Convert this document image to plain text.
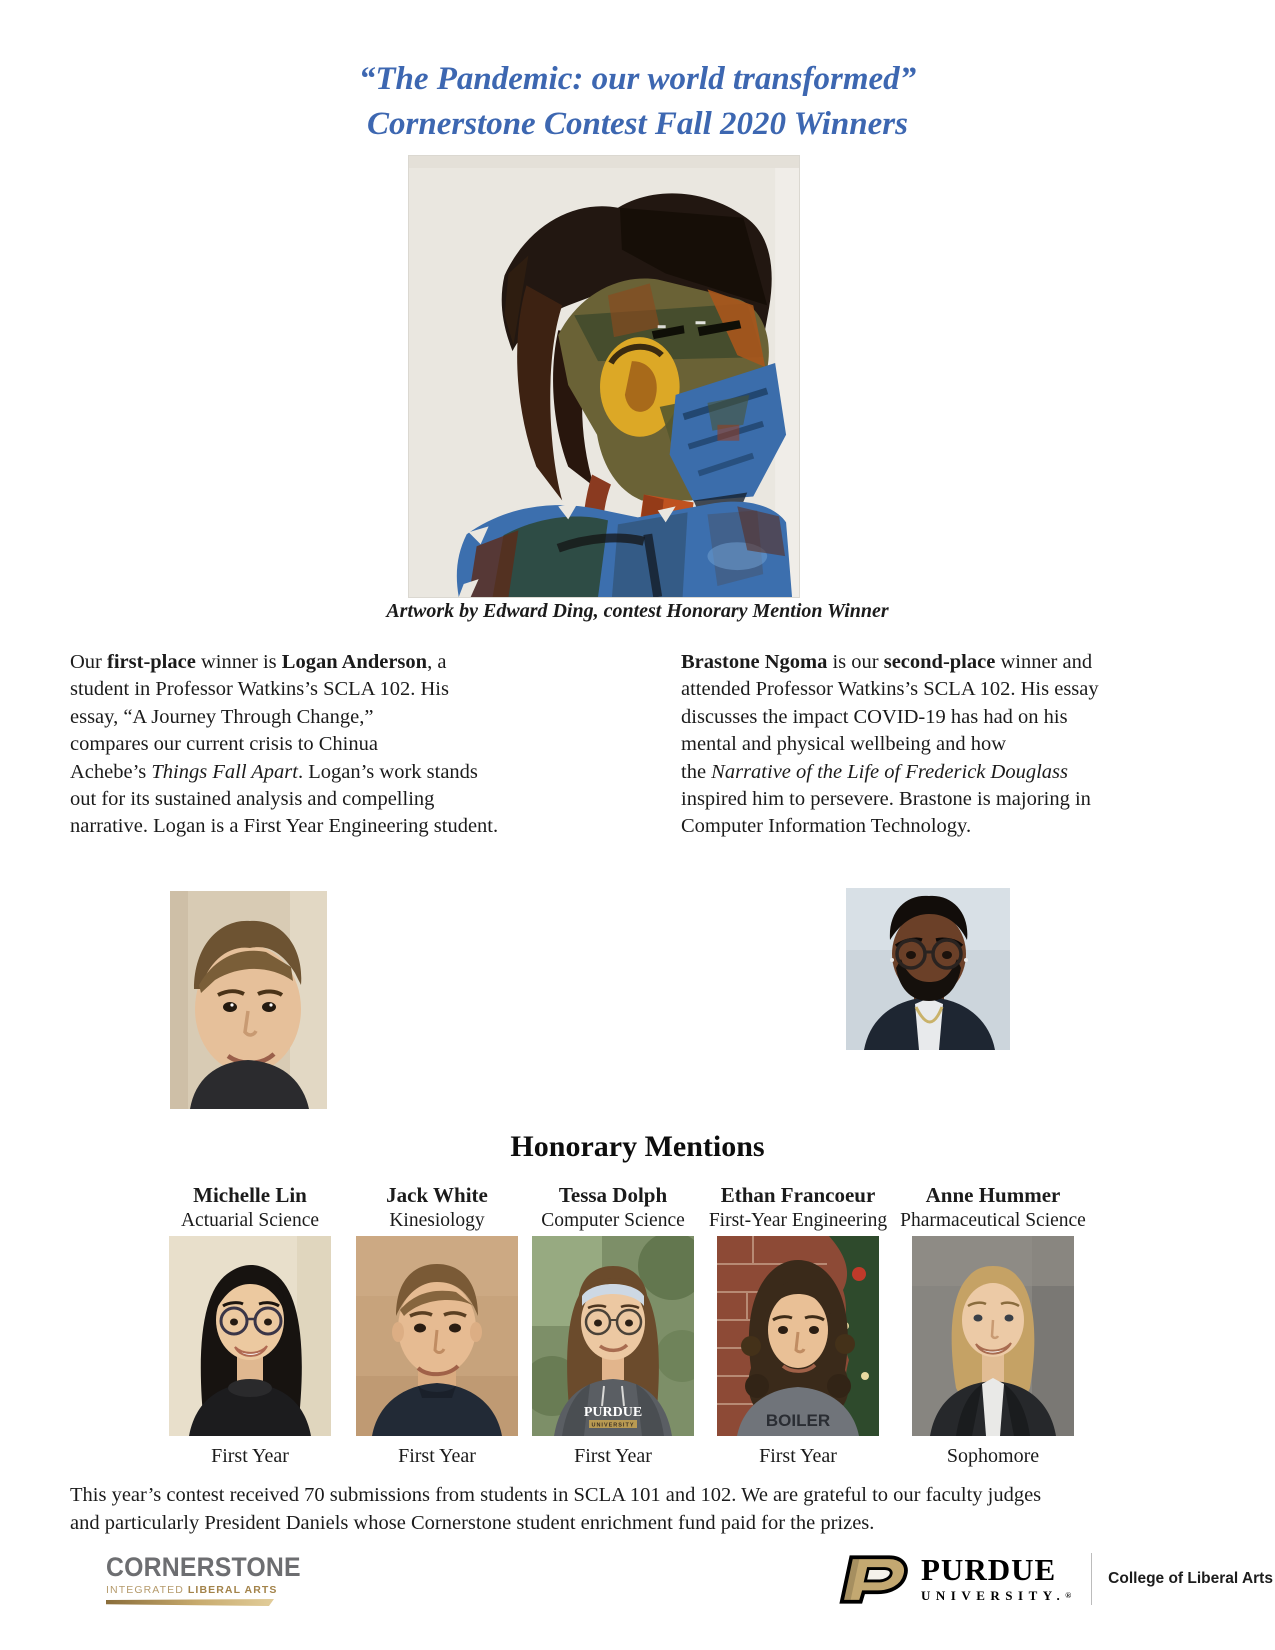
“The Pandemic: our world transformed”
Cornerstone Contest Fall 2020 Winners
Artwork by Edward Ding, contest Honorary Mention Winner
Our first-place winner is Logan Anderson, a
student in Professor Watkins’s SCLA 102. His
essay, “A Journey Through Change,”
compares our current crisis to Chinua
Achebe’s Things Fall Apart. Logan’s work stands
out for its sustained analysis and compelling
narrative. Logan is a First Year Engineering student.
Brastone Ngoma is our second-place winner and
attended Professor Watkins’s SCLA 102. His essay
discusses the impact COVID-19 has had on his
mental and physical wellbeing and how
the Narrative of the Life of Frederick Douglass
inspired him to persevere. Brastone is majoring in
Computer Information Technology.
Honorary Mentions
Michelle Lin
Actuarial Science
First Year
Jack White
Kinesiology
First Year
Tessa Dolph
Computer Science
PURDUE
UNIVERSITY
First Year
Ethan Francoeur
First-Year Engineering
BOILER
First Year
Anne Hummer
Pharmaceutical Science
Sophomore
This year’s contest received 70 submissions from students in SCLA 101 and 102. We are grateful to our faculty judges
and particularly President Daniels whose Cornerstone student enrichment fund paid for the prizes.
CORNERSTONE
INTEGRATED LIBERAL ARTS
PURDUE
UNIVERSITY.®
College of Liberal Arts
